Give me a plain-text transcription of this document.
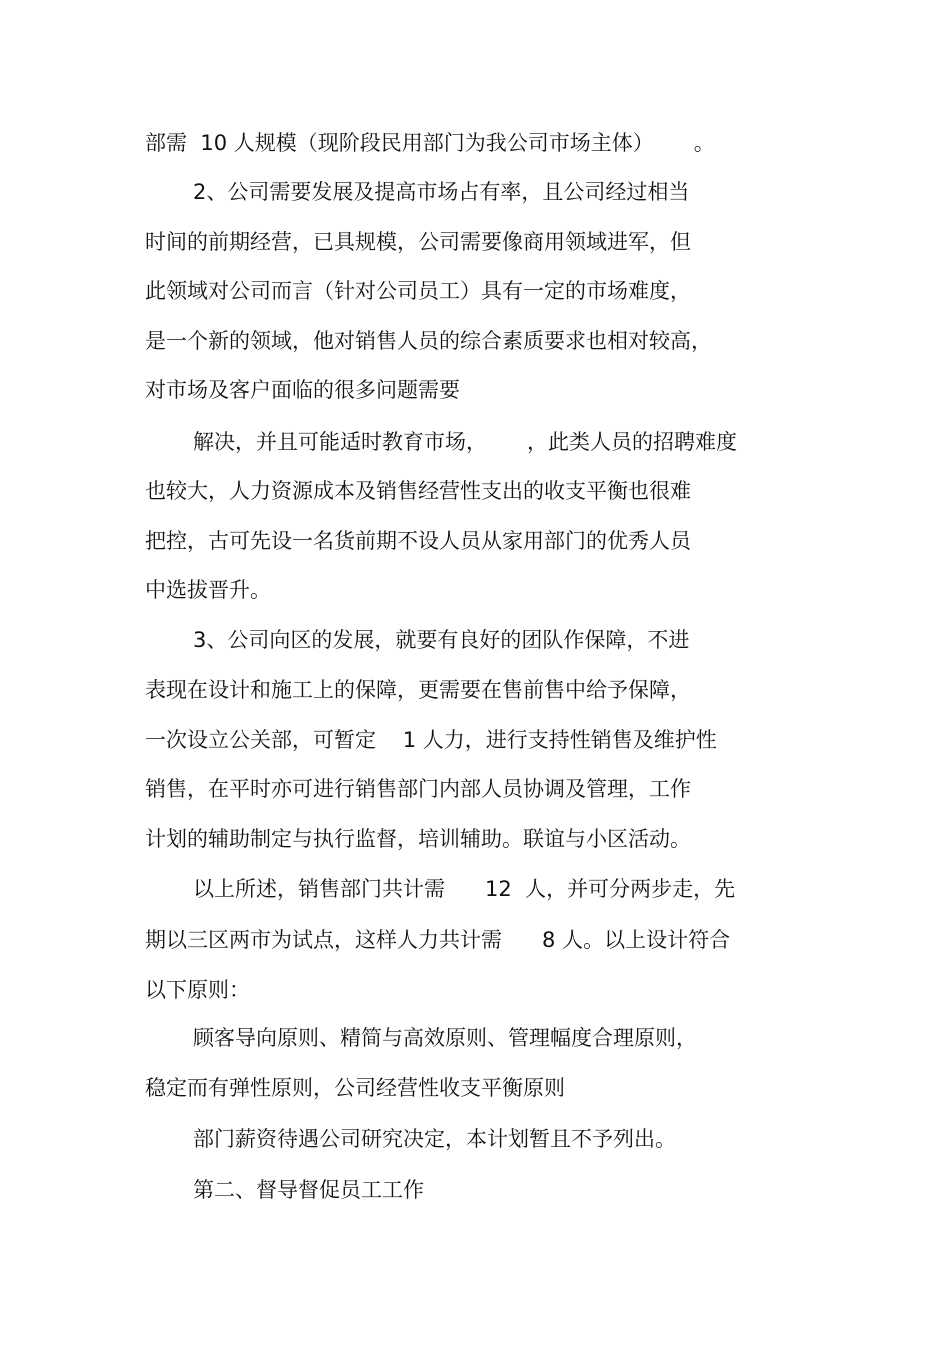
部需  10 人规模（现阶段民用部门为我公司市场主体）      。

2、公司需要发展及提高市场占有率，且公司经过相当

时间的前期经营，已具规模，公司需要像商用领域进军，但

此领域对公司而言（针对公司员工）具有一定的市场难度，

是一个新的领域，他对销售人员的综合素质要求也相对较高，

对市场及客户面临的很多问题需要

解决，并且可能适时教育市场，      ，此类人员的招聘难度

也较大，人力资源成本及销售经营性支出的收支平衡也很难

把控，古可先设一名货前期不设人员从家用部门的优秀人员

中选拔晋升。

3、公司向区的发展，就要有良好的团队作保障，不进

表现在设计和施工上的保障，更需要在售前售中给予保障，

一次设立公关部，可暂定    1 人力，进行支持性销售及维护性

销售，在平时亦可进行销售部门内部人员协调及管理，工作

计划的辅助制定与执行监督，培训辅助。联谊与小区活动。

以上所述，销售部门共计需      12  人，并可分两步走，先

期以三区两市为试点，这样人力共计需      8 人。以上设计符合

以下原则：

顾客导向原则、精简与高效原则、管理幅度合理原则，

稳定而有弹性原则，公司经营性收支平衡原则

部门薪资待遇公司研究决定，本计划暂且不予列出。

第二、督导督促员工工作
